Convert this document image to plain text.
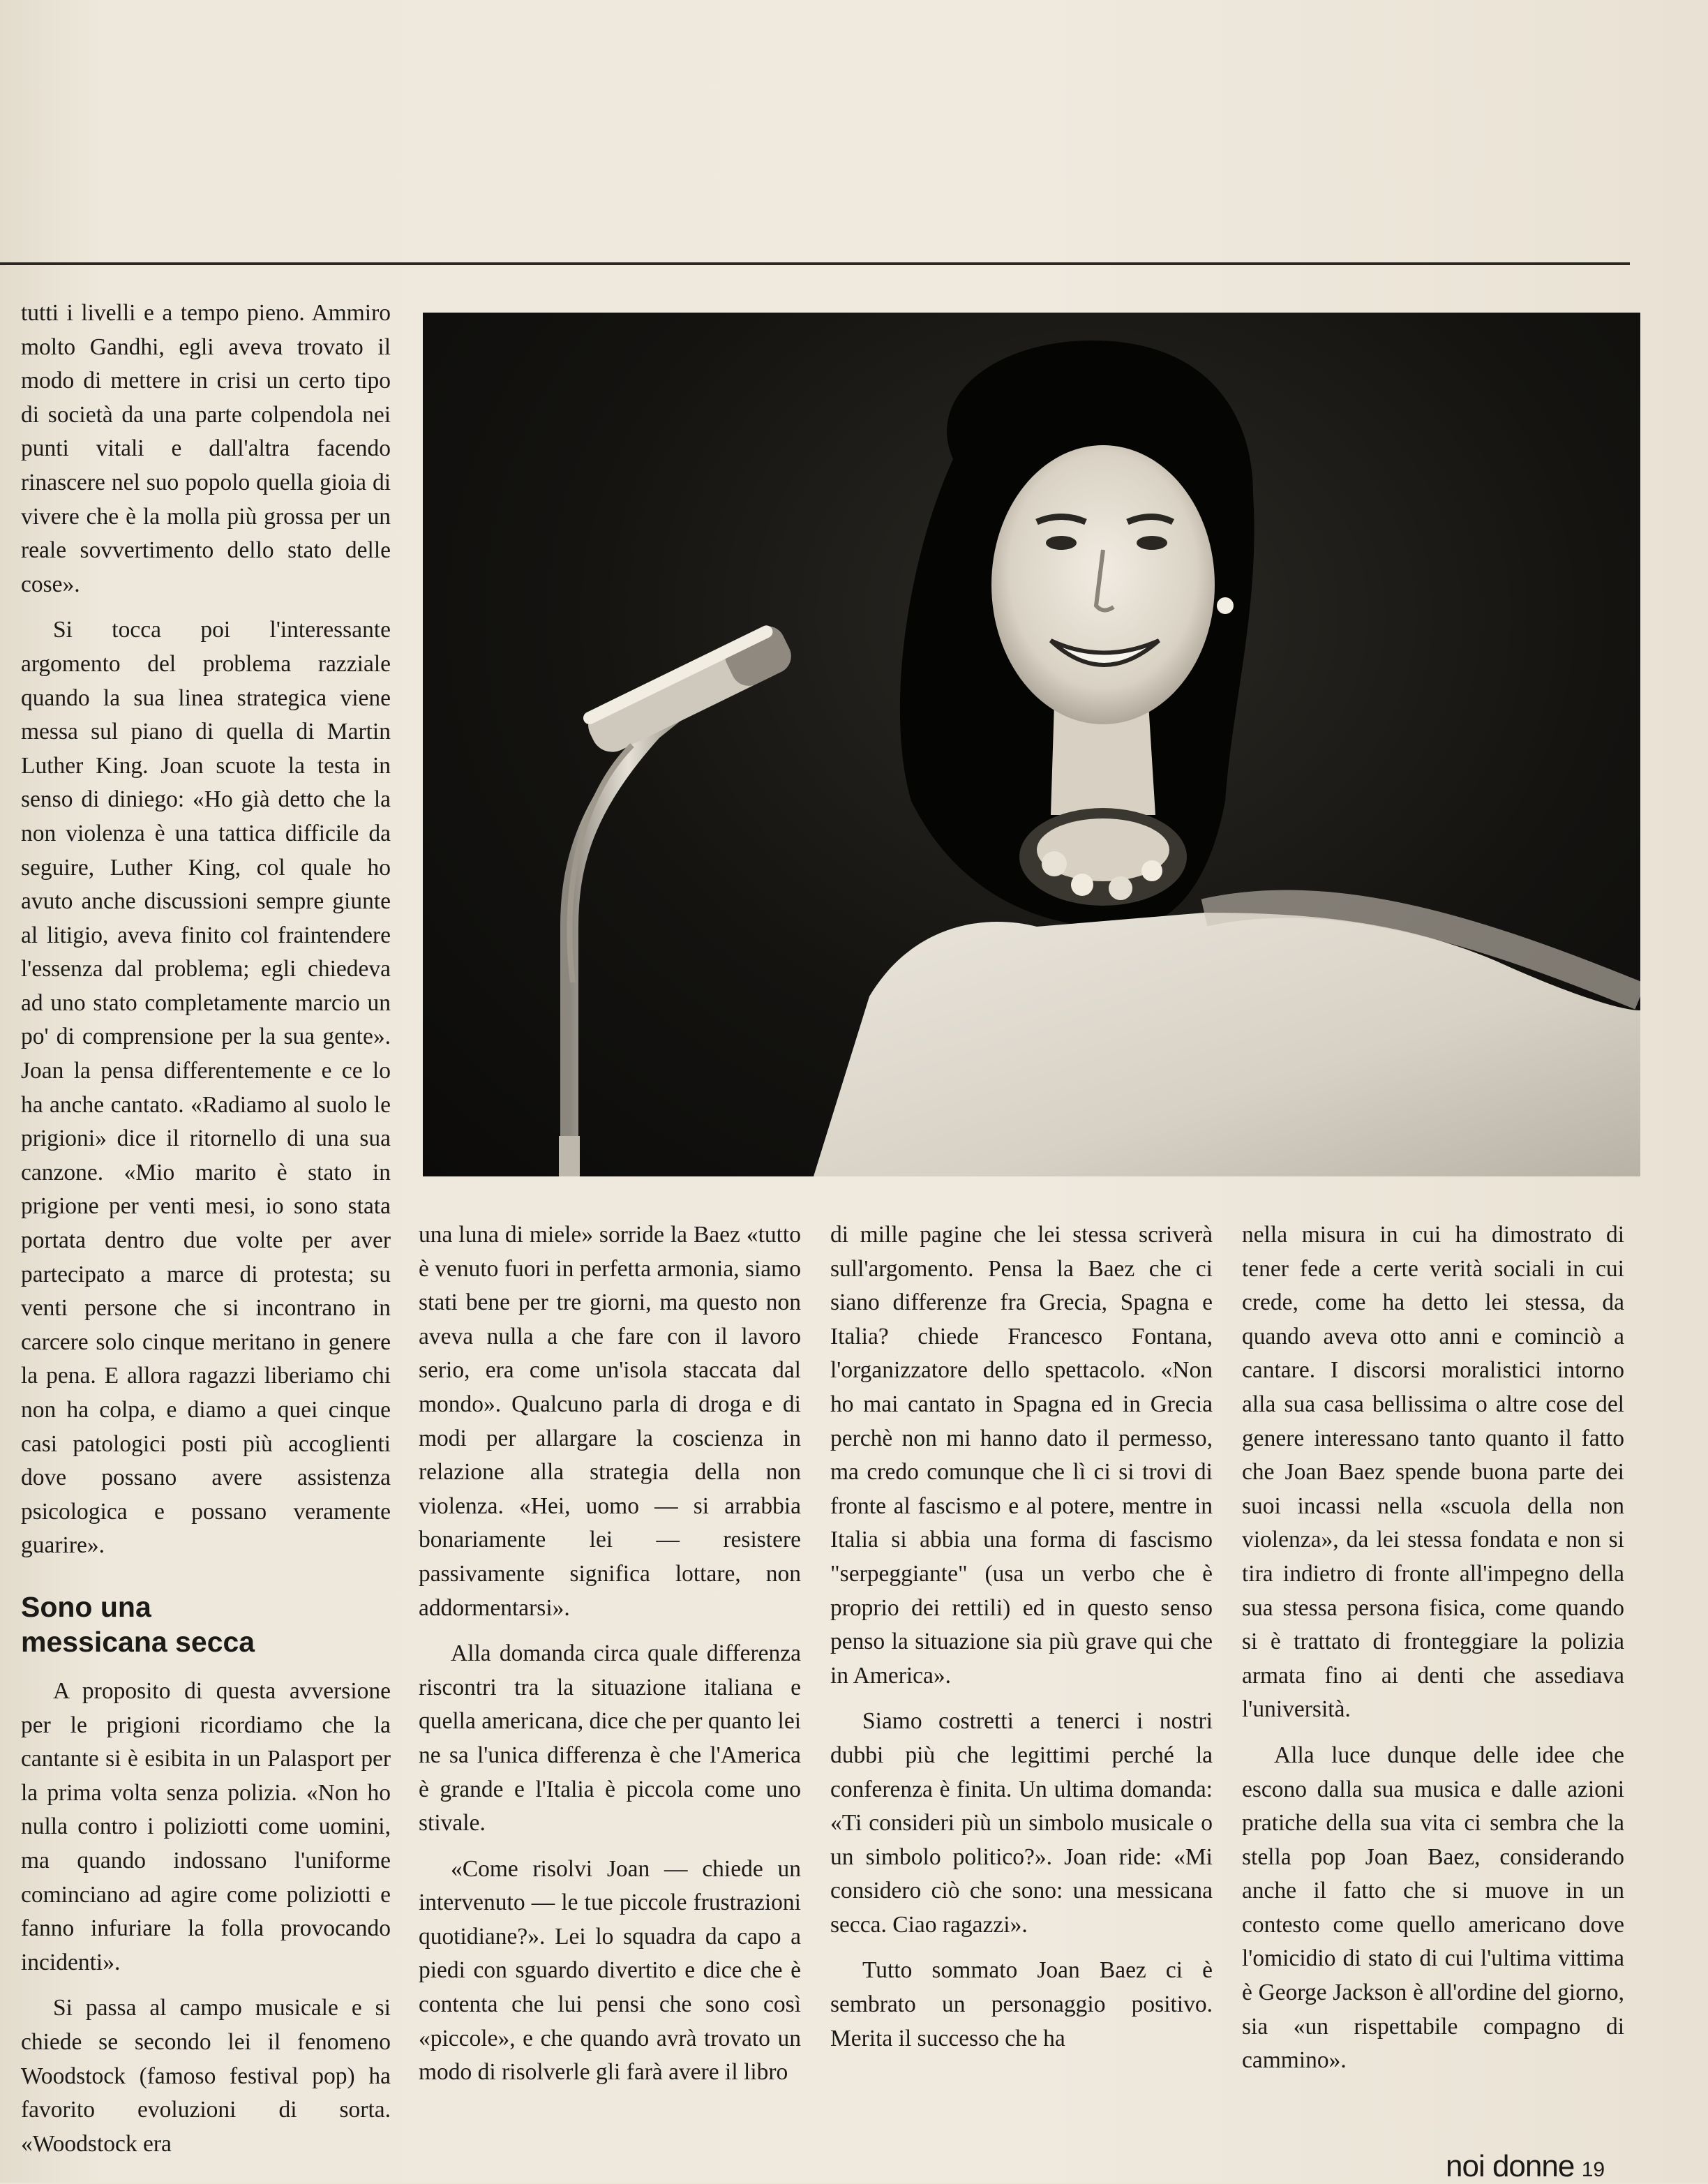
tutti i livelli e a tempo pieno. Ammiro molto Gandhi, egli aveva trovato il modo di mettere in crisi un certo tipo di società da una parte colpendola nei punti vitali e dall'altra facendo rinascere nel suo popolo quella gioia di vivere che è la molla più grossa per un reale sovvertimento dello stato delle cose».

Si tocca poi l'interessante argomento del problema razziale quando la sua linea strategica viene messa sul piano di quella di Martin Luther King. Joan scuote la testa in senso di diniego: «Ho già detto che la non violenza è una tattica difficile da seguire, Luther King, col quale ho avuto anche discussioni sempre giunte al litigio, aveva finito col fraintendere l'essenza dal problema; egli chiedeva ad uno stato completamente marcio un po' di comprensione per la sua gente». Joan la pensa differentemente e ce lo ha anche cantato. «Radiamo al suolo le prigioni» dice il ritornello di una sua canzone. «Mio marito è stato in prigione per venti mesi, io sono stata portata dentro due volte per aver partecipato a marce di protesta; su venti persone che si incontrano in carcere solo cinque meritano in genere la pena. E allora ragazzi liberiamo chi non ha colpa, e diamo a quei cinque casi patologici posti più accoglienti dove possano avere assistenza psicologica e possano veramente guarire».

Sono una
messicana secca

A proposito di questa avversione per le prigioni ricordiamo che la cantante si è esibita in un Palasport per la prima volta senza polizia. «Non ho nulla contro i poliziotti come uomini, ma quando indossano l'uniforme cominciano ad agire come poliziotti e fanno infuriare la folla provocando incidenti».

Si passa al campo musicale e si chiede se secondo lei il fenomeno Woodstock (famoso festival pop) ha favorito evoluzioni di sorta. «Woodstock era

una luna di miele» sorride la Baez «tutto è venuto fuori in perfetta armonia, siamo stati bene per tre giorni, ma questo non aveva nulla a che fare con il lavoro serio, era come un'isola staccata dal mondo». Qualcuno parla di droga e di modi per allargare la coscienza in relazione alla strategia della non violenza. «Hei, uomo — si arrabbia bonariamente lei — resistere passivamente significa lottare, non addormentarsi».

Alla domanda circa quale differenza riscontri tra la situazione italiana e quella americana, dice che per quanto lei ne sa l'unica differenza è che l'America è grande e l'Italia è piccola come uno stivale.

«Come risolvi Joan — chiede un intervenuto — le tue piccole frustrazioni quotidiane?». Lei lo squadra da capo a piedi con sguardo divertito e dice che è contenta che lui pensi che sono così «piccole», e che quando avrà trovato un modo di risolverle gli farà avere il libro

di mille pagine che lei stessa scriverà sull'argomento. Pensa la Baez che ci siano differenze fra Grecia, Spagna e Italia? chiede Francesco Fontana, l'organizzatore dello spettacolo. «Non ho mai cantato in Spagna ed in Grecia perchè non mi hanno dato il permesso, ma credo comunque che lì ci si trovi di fronte al fascismo e al potere, mentre in Italia si abbia una forma di fascismo "serpeggiante" (usa un verbo che è proprio dei rettili) ed in questo senso penso la situazione sia più grave qui che in America».

Siamo costretti a tenerci i nostri dubbi più che legittimi perché la conferenza è finita. Un ultima domanda: «Ti consideri più un simbolo musicale o un simbolo politico?». Joan ride: «Mi considero ciò che sono: una messicana secca. Ciao ragazzi».

Tutto sommato Joan Baez ci è sembrato un personaggio positivo. Merita il successo che ha

nella misura in cui ha dimostrato di tener fede a certe verità sociali in cui crede, come ha detto lei stessa, da quando aveva otto anni e cominciò a cantare. I discorsi moralistici intorno alla sua casa bellissima o altre cose del genere interessano tanto quanto il fatto che Joan Baez spende buona parte dei suoi incassi nella «scuola della non violenza», da lei stessa fondata e non si tira indietro di fronte all'impegno della sua stessa persona fisica, come quando si è trattato di fronteggiare la polizia armata fino ai denti che assediava l'università.

Alla luce dunque delle idee che escono dalla sua musica e dalle azioni pratiche della sua vita ci sembra che la stella pop Joan Baez, considerando anche il fatto che si muove in un contesto come quello americano dove l'omicidio di stato di cui l'ultima vittima è George Jackson è all'ordine del giorno, sia «un rispettabile compagno di cammino».

noi donne 19
